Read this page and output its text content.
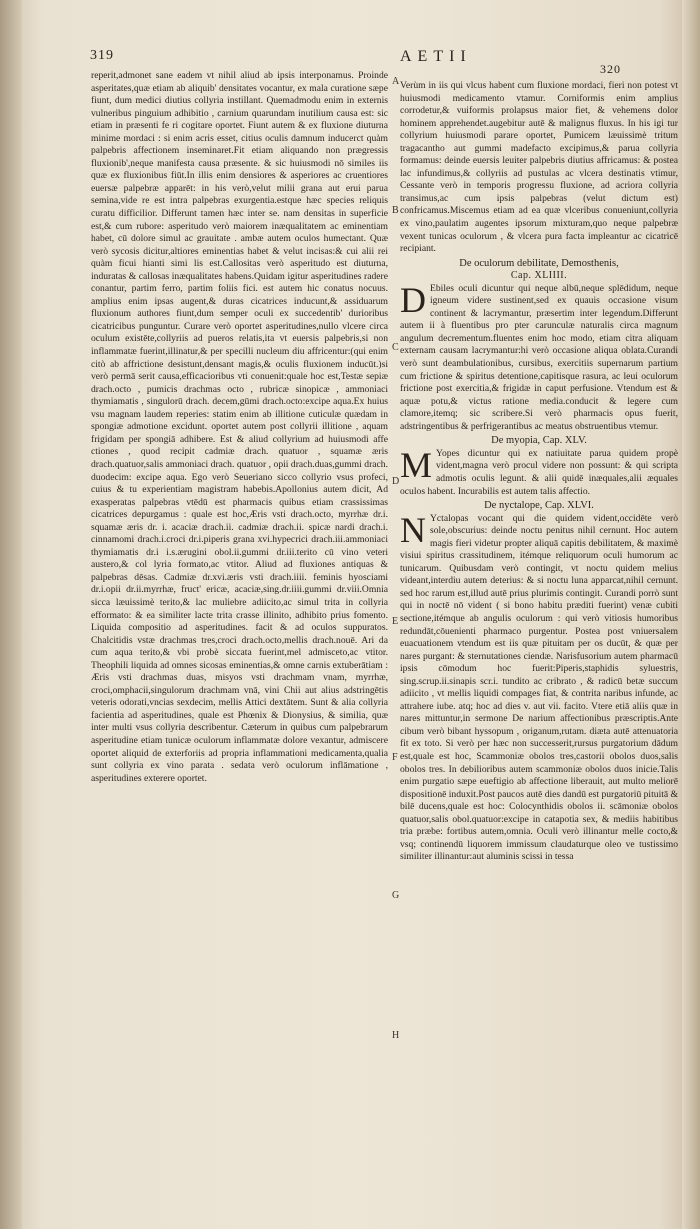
319	AETII
320

reperit,admonet sane eadem vt nihil aliud ab ipsis interponamus. Proinde asperitates,quæ etiam ab aliquib' densitates vocantur, ex mala curatione sæpe fiunt, dum medici diutius collyria instillant. Quemadmodu enim in externis vulneribus pinguium adhibitio , carnium quarundam inutilium causa est: sic etiam in præsenti fe ri cogitare oportet. Fiunt autem & ex fluxione diuturna minime mordaci : si enim acris esset, citius oculis damnum inducerct quàm palpebris affectionem inseminaret.Fit etiam aliquando non prægressis fluxionib',neque manifesta causa præsente. & sic huiusmodi nō similes iis quæ ex fluxionibus fiūt.In illis enim densiores & asperiores ac cruentiores euersæ palpebræ apparēt: in his verò,velut milii grana aut erui parua semina,vide re est intra palpebras exurgentia.estque hæc species reliquis curatu difficilior. Differunt tamen hæc inter se. nam densitas in superficie est,& cum rubore: asperitudo verò maiorem inæqualitatem ac eminentiam habet, cū dolore simul ac grauitate . ambæ autem oculos humectant. Quæ verò sycosis dicitur,altiores eminentias habet & velut incisas:& cui alii rei quàm ficui hianti simi lis est.Callositas verò asperitudo est diuturna, induratas & callosas inæqualitates habens.Quidam igitur asperitudines radere conantur, partim ferro, partim foliis fici. est autem hic conatus nocuus. amplius enim ipsas augent,& duras cicatrices inducunt,& assiduarum fluxionum authores fiunt,dum semper oculi ex succedentib' durioribus cicatricibus punguntur. Curare verò oportet asperitudines,nullo vlcere circa oculum existēte,collyriis ad pueros relatis,ita vt euersis palpebris,si non inflammatæ fuerint,illinatur,& per specilli nucleum diu affricentur:(qui enim citò ab affrictione desistunt,densant magis,& oculis fluxionem inducūt.)si verò permā serit causa,efficacioribus vti conuenit:quale hoc est,Testæ sepiæ drach.octo , pumicis drachmas octo , rubricæ sinopicæ , ammoniaci thymiamatis , singulorū drach. decem,gūmi drach.octo:excipe aqua.Ex huius vsu magnam laudem reperies: statim enim ab illitione cuticulæ quædam in spongiæ admotione excidunt. oportet autem post collyrii illitione , aquam frigidam per spongiā adhibere. Est & aliud collyrium ad huiusmodi affe ctiones , quod recipit cadmiæ drach. quatuor , squamæ æris drach.quatuor,salis ammoniaci drach. quatuor , opii drach.duas,gummi drach. duodecim: excipe aqua. Ego verò Seueriano sicco collyrio vsus profeci, cuius & tu experientiam magistram habebis.Apollonius autem dicit, Ad exasperatas palpebras vtēdū est pharmacis quibus etiam crassissimas cicatrices depurgamus : quale est hoc,Æris vsti drach.octo, myrrhæ dr.i. squamæ æris dr. i. acaciæ drach.ii. cadmiæ drach.ii. spicæ nardi drach.i. cinnamomi drach.i.croci dr.i.piperis grana xvi.hypecrici drach.iii.ammoniaci thymiamatis dr.i i.s.ærugini obol.ii.gummi dr.iii.terito cū vino veteri austero,& col lyria formato,ac vtitor. Aliud ad fluxiones antiquas & palpebras dēsas. Cadmiæ dr.xvi.æris vsti drach.iiii. feminis hyosciami dr.i.opii dr.ii.myrrhæ, fruct' ericæ, acaciæ,sing.dr.iiii.gummi dr.viii.Omnia sicca læuissimè terito,& lac muliebre adiicito,ac simul trita in collyria efformato: & ea similiter lacte trita crasse illinito, adhibito prius fomento. Liquida compositio ad asperitudines. facit & ad oculos suppuratos. Chalcitidis vstæ drachmas tres,croci drach.octo,mellis drach.nouē. Ari da cum aqua terito,& vbi probè siccata fuerint,mel admisceto,ac vtitor. Theophili liquida ad omnes sicosas eminentias,& omne carnis extuberātiam : Æris vsti drachmas duas, misyos vsti drachmam vnam, myrrhæ, croci,omphacii,singulorum drachmam vnā, vini Chii aut alius adstringētis veteris odorati,vncias sexdecim, mellis Attici dextātem. Sunt & alia collyria facientia ad asperitudines, quale est Phœnix & Dionysius, & similia, quæ inter multi vsus collyria describentur. Cæterum in quibus cum palpebrarum asperitudine etiam tunicæ oculorum inflammatæ dolore vexantur, admiscere oportet aliquid de exterforiis ad propria inflammationi medicamenta,qualia sunt collyria ex vino parata . sedata verò oculorum inflāmatione , asperitudines exterere oportet.

A
B
C
D
E
F
G
H

Verùm in iis qui vlcus habent cum fluxione mordaci, fieri non potest vt huiusmodi medicamento vtamur. Corniformis enim amplius corrodetur,& vuiformis prolapsus maior fiet, & vehemens dolor hominem apprehendet.augebitur autē & malignus fluxus. In his igi tur collyrium huiusmodi parare oportet, Pumicem læuissimè tritum tragacantho aut gummi madefacto excipimus,& parua collyria formamus: deinde euersis leuiter palpebris diutius affricamus: & postea lac infundimus,& collyriis ad pustulas ac vlcera destinatis vtimur, Cessante verò in temporis progressu fluxione, ad acriora collyria transimus,ac cum ipsis palpebras (velut dictum est) confricamus.Miscemus etiam ad ea quæ vlceribus conueniunt,collyria ex vino,paulatim augentes ipsorum mixturam,quo neque palpebræ vexent tunicas oculorum , & vlcera pura facta impleantur ac cicatricē recipiant.

De oculorum debilitate, Demosthenis,
Cap. XLIIII.

D Ebiles oculi dicuntur qui neque albū,neque splēdidum, neque igneum videre sustinent,sed ex quauis occasione visum continent & lacrymantur, præsertim inter legendum.Differunt autem ii à fluentibus pro pter carunculæ naturalis circa magnum angulum decrementum.fluentes enim hoc modo, etiam citra aliquam externam causam lacrymantur:hi verò occasione aliqua oblata.Curandi verò sunt deambulationibus, cursibus, exercitiis supernarum partium cum frictione & spiritus detentione,capitisque rasura, ac leui oculorum frictione post exercitia,& frigidæ in caput perfusione. Vtendum est & aquæ potu,& victus ratione media.conducit & legere cum clamore,itemq; sic scribere.Si verò pharmacis opus fuerit, adstringentibus & perfrigerantibus ac meatus obstruentibus vtemur.

De myopia, Cap. XLV.

M Yopes dicuntur qui ex natiuitate parua quidem propè vident,magna verò procul videre non possunt: & qui scripta admotis oculis legunt. & alii quidē inæquales,alii æquales oculos habent. Incurabilis est autem talis affectio.

De nyctalope, Cap. XLVI.

N Yctalopas vocant qui die quidem vident,occidēte verò sole,obscurius: deinde noctu penitus nihil cernunt. Hoc autem magis fieri videtur propter aliquā capitis debilitatem, & maximè visiui spiritus crassitudinem, itémque reliquorum oculi humorum ac tunicarum. Quibusdam verò contingit, vt noctu quidem melius videant,interdiu autem deterius: & si noctu luna apparcat,nihil cernunt. sed hoc rarum est,illud autē prius plurimis contingit. Curandi porrò sunt qui in noctē nō vident ( si bono habitu præditi fuerint) venæ cubiti sectione,itémque ab angulis oculorum : qui verò vitiosis humoribus redundāt,cōuenienti pharmaco purgentur. Postea post vniuersalem euacuationem vtendum est iis quæ pituitam per os ducūt, & quæ per nares purgant: & sternutationes ciendæ. Narisfusorium autem pharmacū ipsis cōmodum hoc fuerit:Piperis,staphidis syluestris, sing.scrup.ii.sinapis scr.i. tundito ac cribrato , & radicū betæ succum adiicito , vt mellis liquidi compages fiat, & contrita naribus infunde, ac attrahere iube. atq; hoc ad dies v. aut vii. facito. Vtere etiā aliis quæ in nares mittuntur,in sermone De narium affectionibus præscriptis.Ante cibum verò bibant hyssopum , origanum,rutam. diæta autē attenuatoria fit ex toto. Si verò per hæc non successerit,rursus purgatorium dādum est,quale est hoc, Scammoniæ obolos tres,castorii obolos duos,salis obolos tres. In debilioribus autem scammoniæ obolos duos inicie.Talis enim purgatio sæpe eueftigio ab affectione liberauit, aut multo meliorē dispositionē induxit.Post paucos autē dies dandū est purgatoriū pituitā & bilē ducens,quale est hoc: Colocynthidis obolos ii. scāmoniæ obolos quatuor,salis obol.quatuor:excipe in catapotia sex, & mediis habitibus tria præbe: fortibus autem,omnia. Oculi verò illinantur melle cocto,& vsq; continendū liquorem immissum claudaturque oleo ve tustissimo similiter illinantur:aut aluminis scissi in tessa
